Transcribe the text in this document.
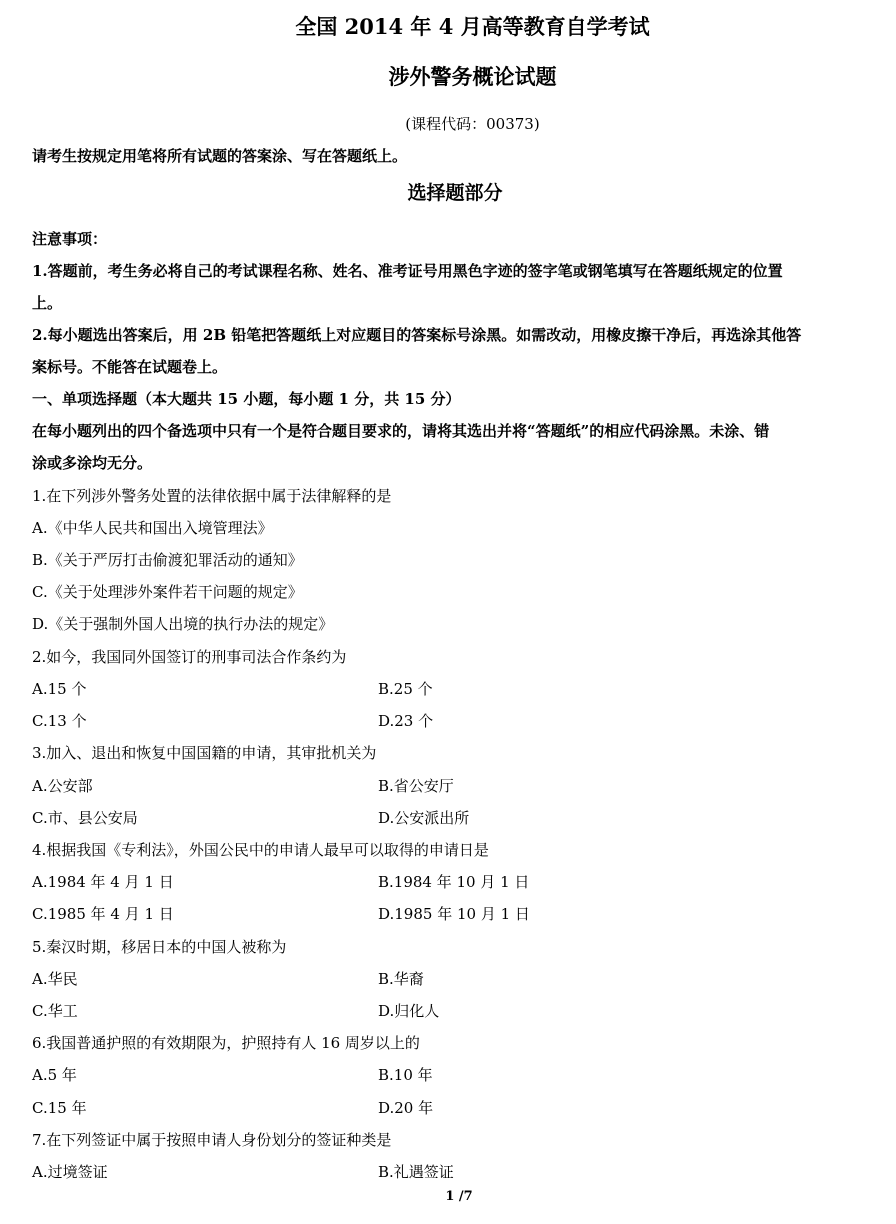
全国 2014 年 4 月高等教育自学考试
涉外警务概论试题
(课程代码：00373)
请考生按规定用笔将所有试题的答案涂、写在答题纸上。
选择题部分
注意事项：
1.答题前，考生务必将自己的考试课程名称、姓名、准考证号用黑色字迹的签字笔或钢笔填写在答题纸规定的位置
上。
2.每小题选出答案后，用 2B 铅笔把答题纸上对应题目的答案标号涂黑。如需改动，用橡皮擦干净后，再选涂其他答
案标号。不能答在试题卷上。
一、单项选择题（本大题共 15 小题，每小题 1 分，共 15 分）
在每小题列出的四个备选项中只有一个是符合题目要求的，请将其选出并将“答题纸”的相应代码涂黑。未涂、错
涂或多涂均无分。
1.在下列涉外警务处置的法律依据中属于法律解释的是
A.《中华人民共和国出入境管理法》
B.《关于严厉打击偷渡犯罪活动的通知》
C.《关于处理涉外案件若干问题的规定》
D.《关于强制外国人出境的执行办法的规定》
2.如今，我国同外国签订的刑事司法合作条约为
A.15 个	B.25 个
C.13 个	D.23 个
3.加入、退出和恢复中国国籍的申请，其审批机关为
A.公安部	B.省公安厅
C.市、县公安局	D.公安派出所
4.根据我国《专利法》，外国公民中的申请人最早可以取得的申请日是
A.1984 年 4 月 1 日	B.1984 年 10 月 1 日
C.1985 年 4 月 1 日	D.1985 年 10 月 1 日
5.秦汉时期，移居日本的中国人被称为
A.华民	B.华裔
C.华工	D.归化人
6.我国普通护照的有效期限为，护照持有人 16 周岁以上的
A.5 年	B.10 年
C.15 年	D.20 年
7.在下列签证中属于按照申请人身份划分的签证种类是
A.过境签证	B.礼遇签证
1 /7
